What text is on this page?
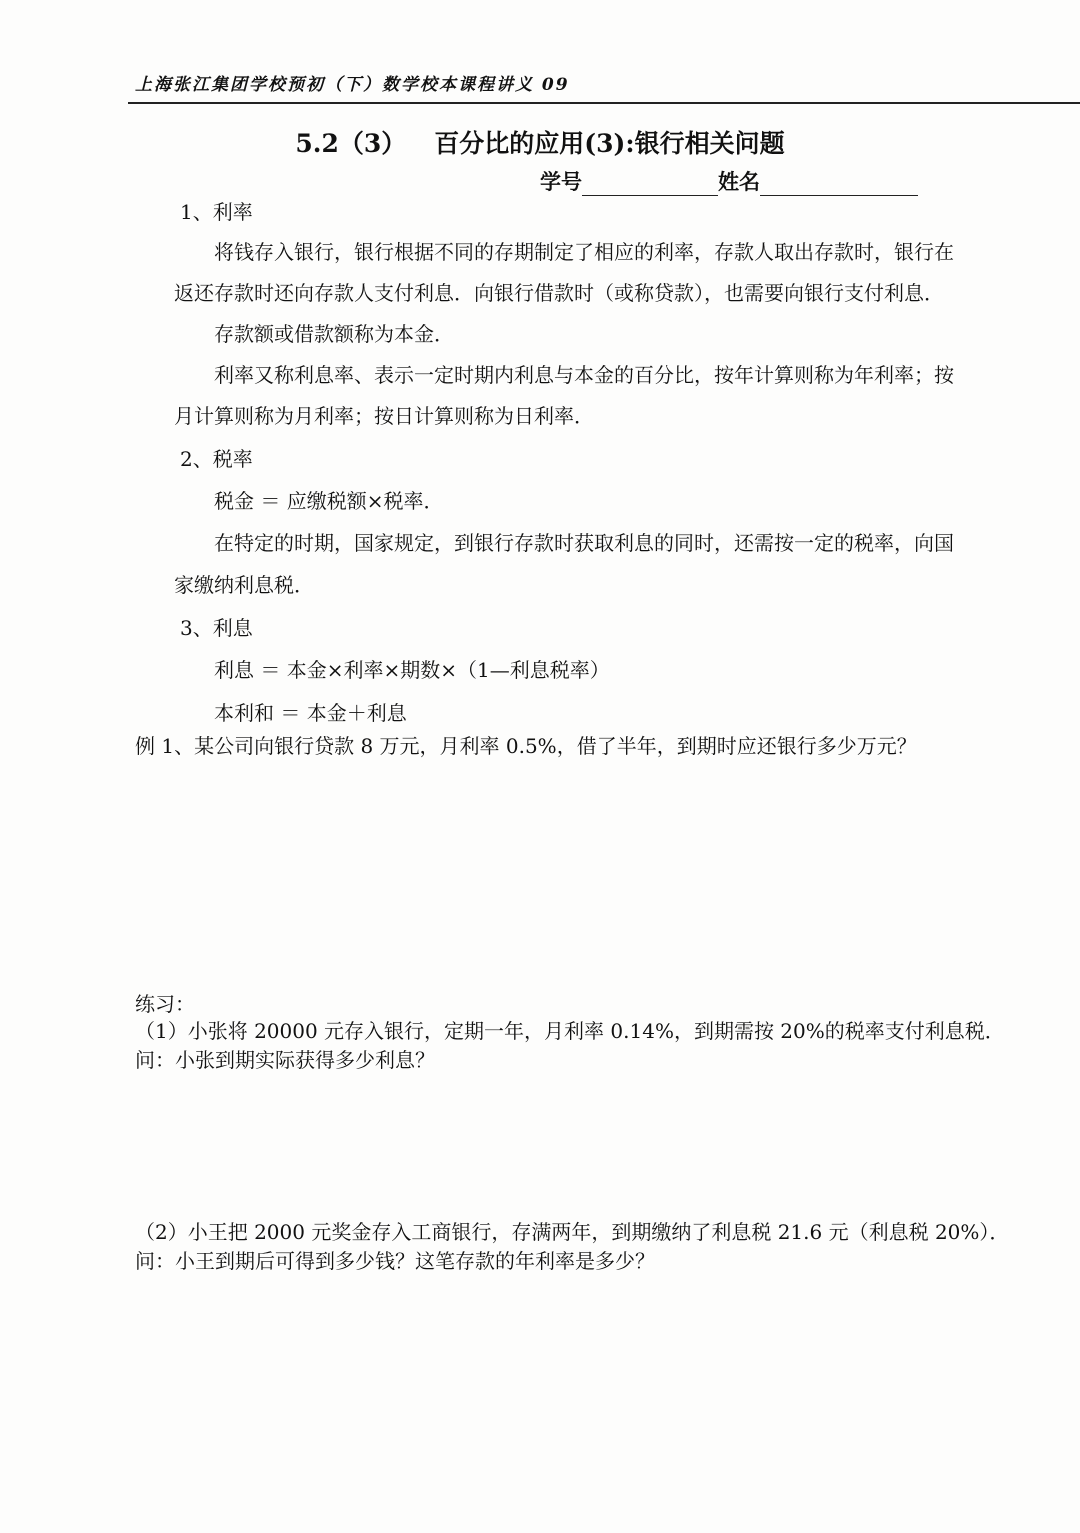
上海张江集团学校预初（下）数学校本课程讲义 09
5.2（3） 百分比的应用(3):银行相关问题
学号	姓名
1、利率
将钱存入银行，银行根据不同的存期制定了相应的利率，存款人取出存款时，银行在
返还存款时还向存款人支付利息．向银行借款时（或称贷款），也需要向银行支付利息．
存款额或借款额称为本金．
利率又称利息率、表示一定时期内利息与本金的百分比，按年计算则称为年利率；按
月计算则称为月利率；按日计算则称为日利率．
2、税率
税金 ＝ 应缴税额×税率．
在特定的时期，国家规定，到银行存款时获取利息的同时，还需按一定的税率，向国
家缴纳利息税．
3、利息
利息 ＝ 本金×利率×期数×（1—利息税率）
本利和 ＝ 本金＋利息
例 1、某公司向银行贷款 8 万元，月利率 0.5%，借了半年，到期时应还银行多少万元？
练习：
（1）小张将 20000 元存入银行，定期一年，月利率 0.14%，到期需按 20%的税率支付利息税．
问：小张到期实际获得多少利息？
（2）小王把 2000 元奖金存入工商银行，存满两年，到期缴纳了利息税 21.6 元（利息税 20%）．
问：小王到期后可得到多少钱？这笔存款的年利率是多少？
